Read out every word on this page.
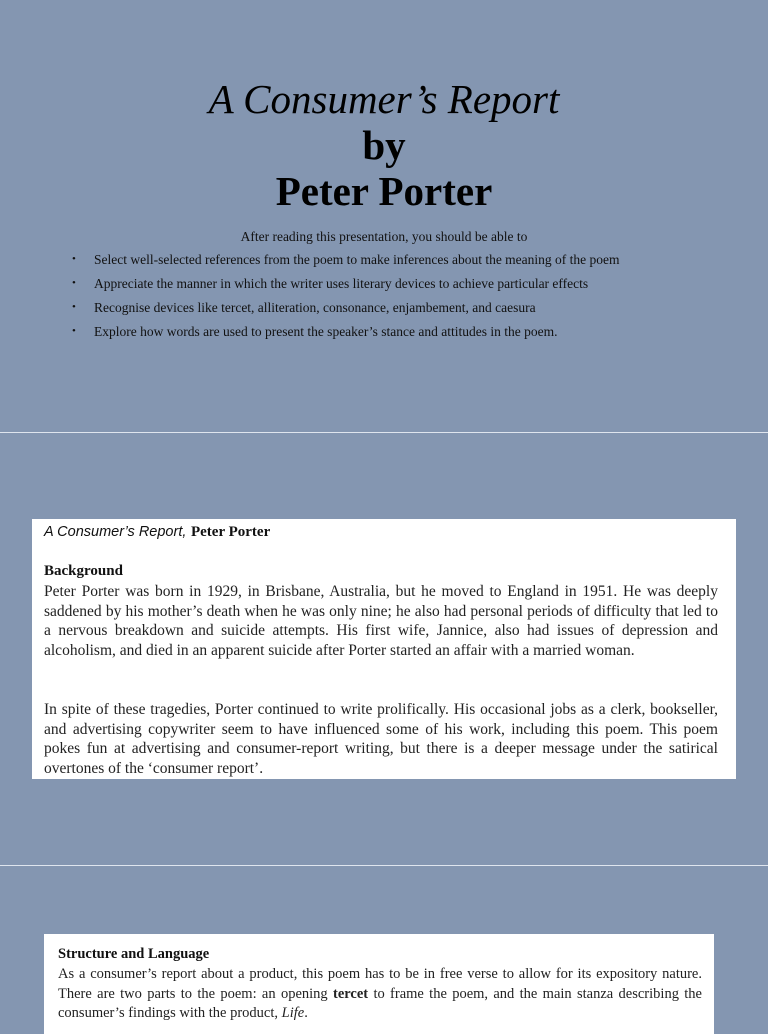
A Consumer’s Report
by
Peter Porter
After reading this presentation, you should be able to
• Select well-selected references from the poem to make inferences about the meaning of the poem
• Appreciate the manner in which the writer uses literary devices to achieve particular effects
• Recognise devices like tercet, alliteration, consonance, enjambement, and caesura
• Explore how words are used to present the speaker’s stance and attitudes in the poem.
A Consumer’s Report, Peter Porter
Background

Peter Porter was born in 1929, in Brisbane, Australia, but he moved to England in 1951. He was deeply saddened by his mother’s death when he was only nine; he also had personal periods of difficulty that led to a nervous breakdown and suicide attempts. His first wife, Jannice, also had issues of depression and alcoholism, and died in an apparent suicide after Porter started an affair with a married woman.

In spite of these tragedies, Porter continued to write prolifically. His occasional jobs as a clerk, bookseller, and advertising copywriter seem to have influenced some of his work, including this poem. This poem pokes fun at advertising and consumer-report writing, but there is a deeper message under the satirical overtones of the ‘consumer report’.

Structure and Language

As a consumer’s report about a product, this poem has to be in free verse to allow for its expository nature. There are two parts to the poem: an opening tercet to frame the poem, and the main stanza describing the consumer’s findings with the product, Life.
